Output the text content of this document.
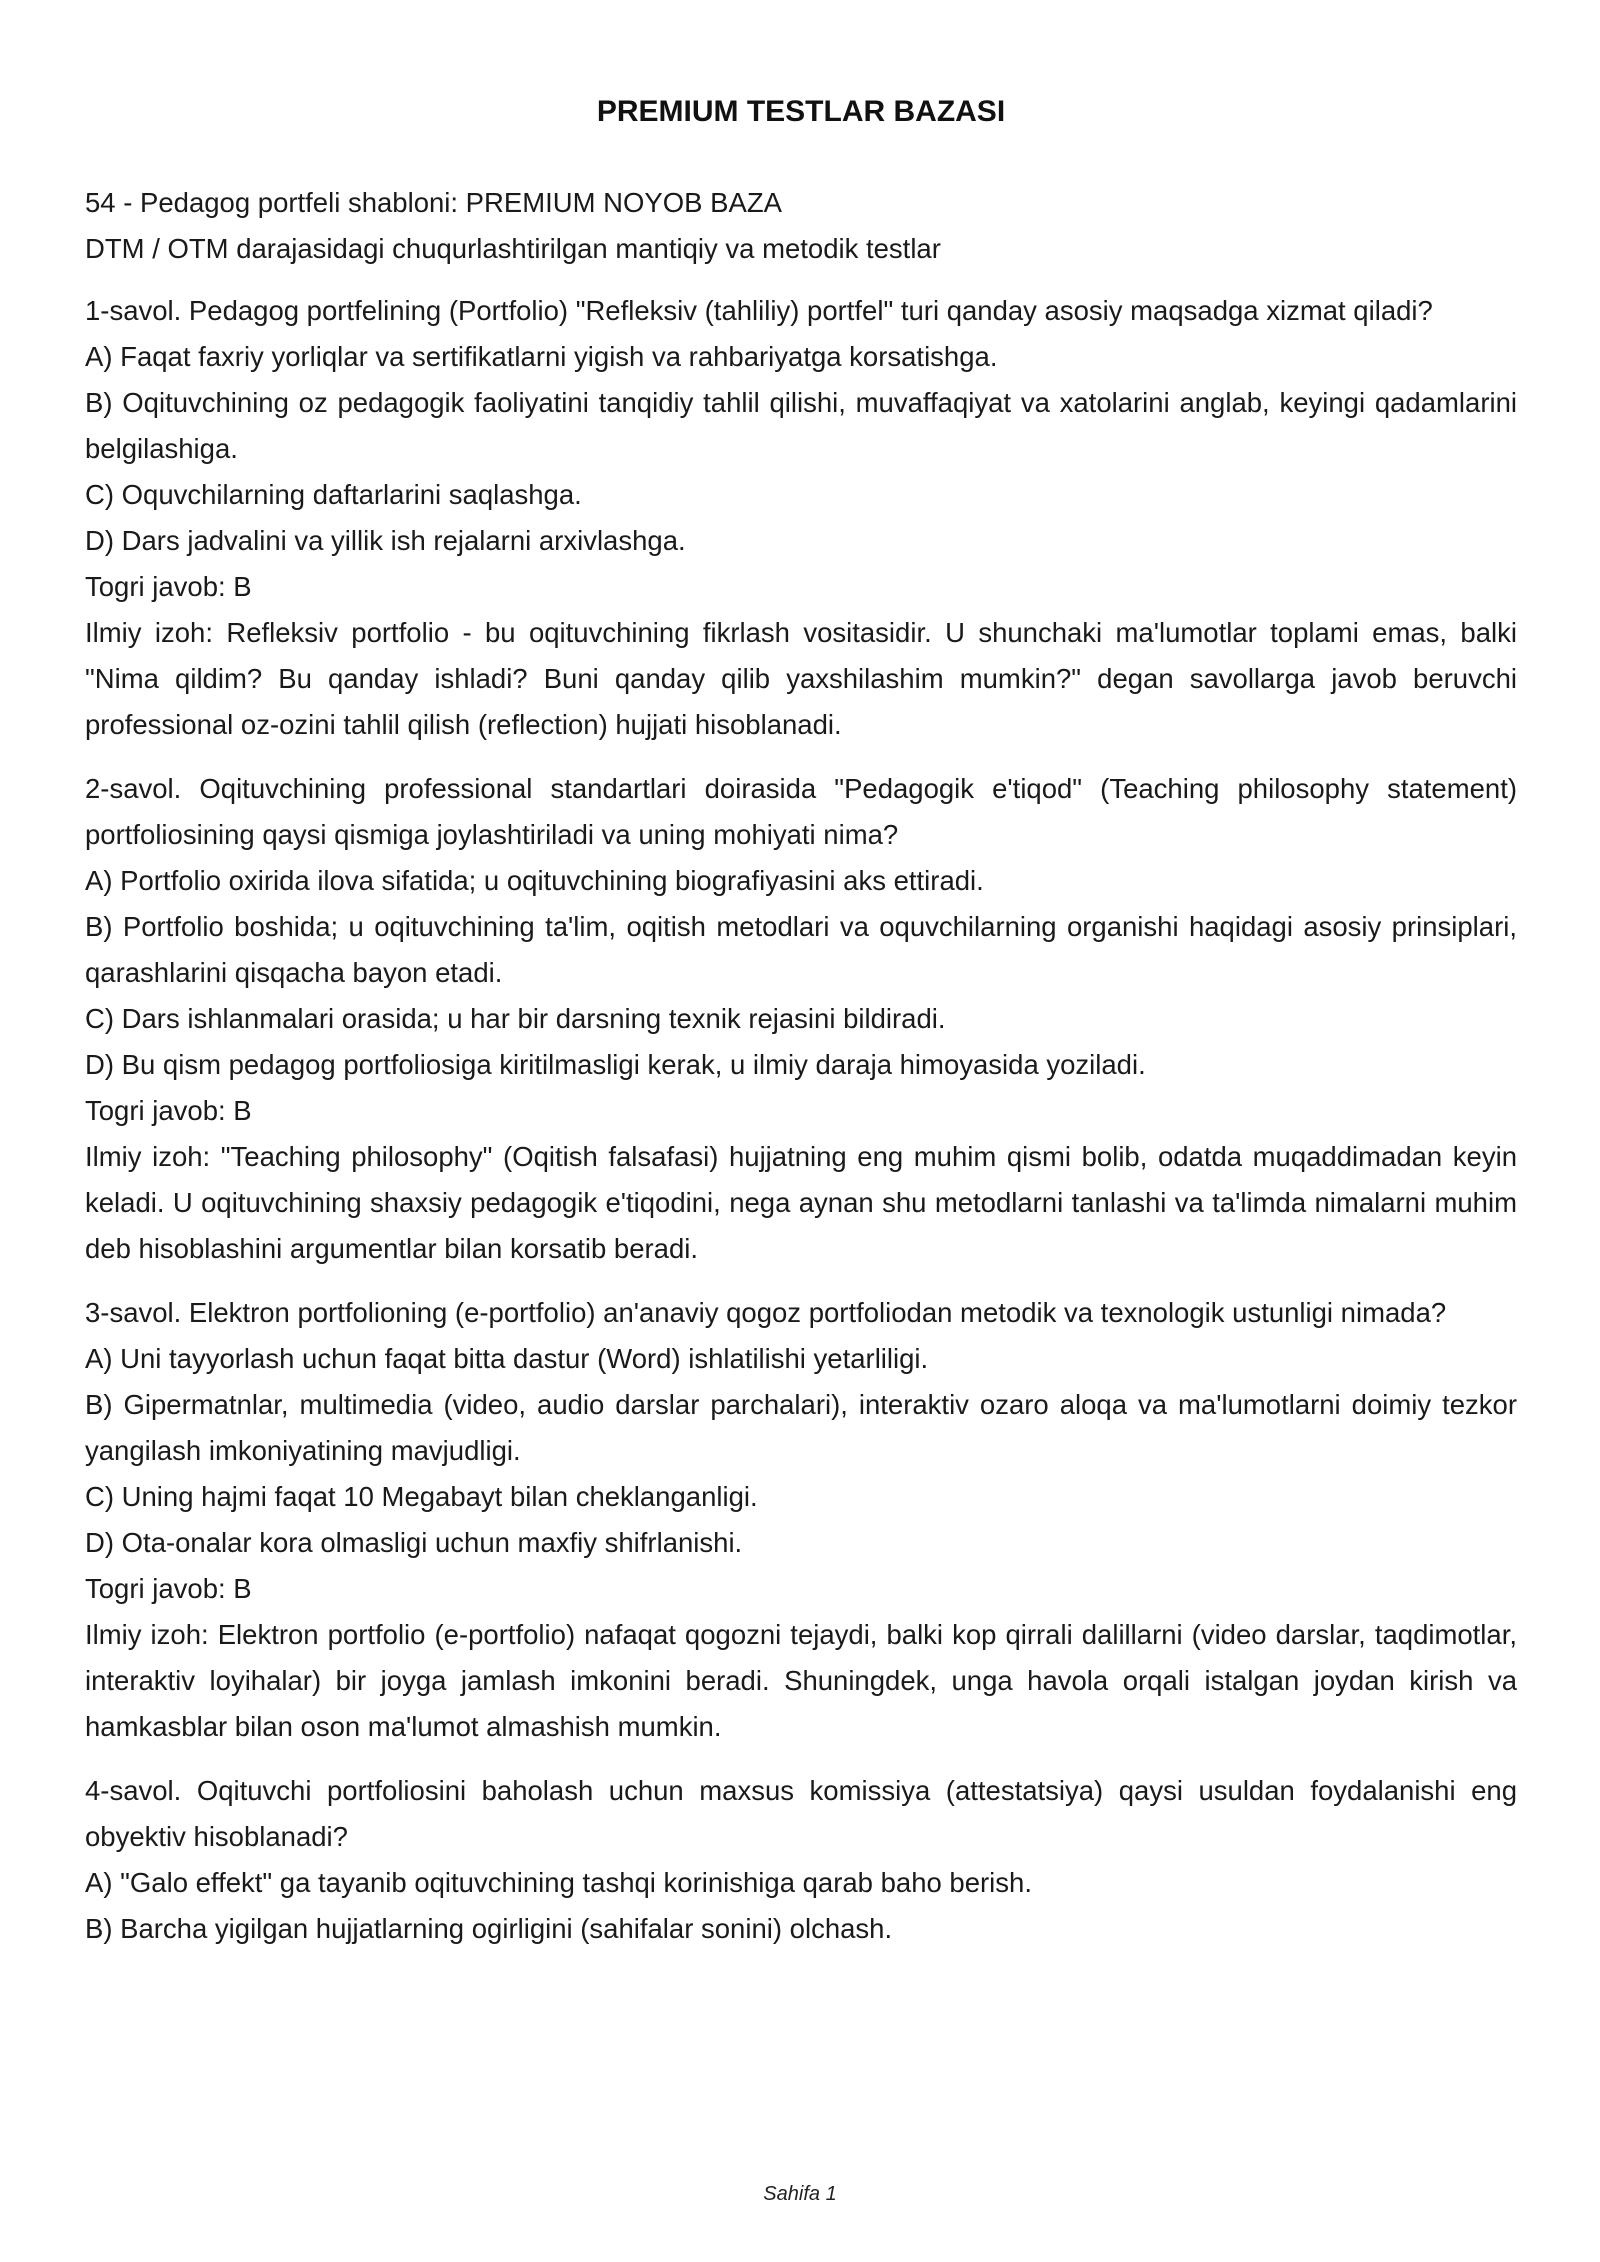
PREMIUM TESTLAR BAZASI

54 - Pedagog portfeli shabloni: PREMIUM NOYOB BAZA

DTM / OTM darajasidagi chuqurlashtirilgan mantiqiy va metodik testlar

1-savol. Pedagog portfelining (Portfolio) "Refleksiv (tahliliy) portfel" turi qanday asosiy maqsadga xizmat qiladi?

A) Faqat faxriy yorliqlar va sertifikatlarni yigish va rahbariyatga korsatishga.

B) Oqituvchining oz pedagogik faoliyatini tanqidiy tahlil qilishi, muvaffaqiyat va xatolarini anglab, keyingi qadamlarini belgilashiga.

C) Oquvchilarning daftarlarini saqlashga.

D) Dars jadvalini va yillik ish rejalarni arxivlashga.

Togri javob: B

Ilmiy izoh: Refleksiv portfolio - bu oqituvchining fikrlash vositasidir. U shunchaki ma'lumotlar toplami emas, balki "Nima qildim? Bu qanday ishladi? Buni qanday qilib yaxshilashim mumkin?" degan savollarga javob beruvchi professional oz-ozini tahlil qilish (reflection) hujjati hisoblanadi.

2-savol. Oqituvchining professional standartlari doirasida "Pedagogik e'tiqod" (Teaching philosophy statement) portfoliosining qaysi qismiga joylashtiriladi va uning mohiyati nima?

A) Portfolio oxirida ilova sifatida; u oqituvchining biografiyasini aks ettiradi.

B) Portfolio boshida; u oqituvchining ta'lim, oqitish metodlari va oquvchilarning organishi haqidagi asosiy prinsiplari, qarashlarini qisqacha bayon etadi.

C) Dars ishlanmalari orasida; u har bir darsning texnik rejasini bildiradi.

D) Bu qism pedagog portfoliosiga kiritilmasligi kerak, u ilmiy daraja himoyasida yoziladi.

Togri javob: B

Ilmiy izoh: "Teaching philosophy" (Oqitish falsafasi) hujjatning eng muhim qismi bolib, odatda muqaddimadan keyin keladi. U oqituvchining shaxsiy pedagogik e'tiqodini, nega aynan shu metodlarni tanlashi va ta'limda nimalarni muhim deb hisoblashini argumentlar bilan korsatib beradi.

3-savol. Elektron portfolioning (e-portfolio) an'anaviy qogoz portfoliodan metodik va texnologik ustunligi nimada?

A) Uni tayyorlash uchun faqat bitta dastur (Word) ishlatilishi yetarliligi.

B) Gipermatnlar, multimedia (video, audio darslar parchalari), interaktiv ozaro aloqa va ma'lumotlarni doimiy tezkor yangilash imkoniyatining mavjudligi.

C) Uning hajmi faqat 10 Megabayt bilan cheklanganligi.

D) Ota-onalar kora olmasligi uchun maxfiy shifrlanishi.

Togri javob: B

Ilmiy izoh: Elektron portfolio (e-portfolio) nafaqat qogozni tejaydi, balki kop qirrali dalillarni (video darslar, taqdimotlar, interaktiv loyihalar) bir joyga jamlash imkonini beradi. Shuningdek, unga havola orqali istalgan joydan kirish va hamkasblar bilan oson ma'lumot almashish mumkin.

4-savol. Oqituvchi portfoliosini baholash uchun maxsus komissiya (attestatsiya) qaysi usuldan foydalanishi eng obyektiv hisoblanadi?

A) "Galo effekt" ga tayanib oqituvchining tashqi korinishiga qarab baho berish.

B) Barcha yigilgan hujjatlarning ogirligini (sahifalar sonini) olchash.

Sahifa 1
